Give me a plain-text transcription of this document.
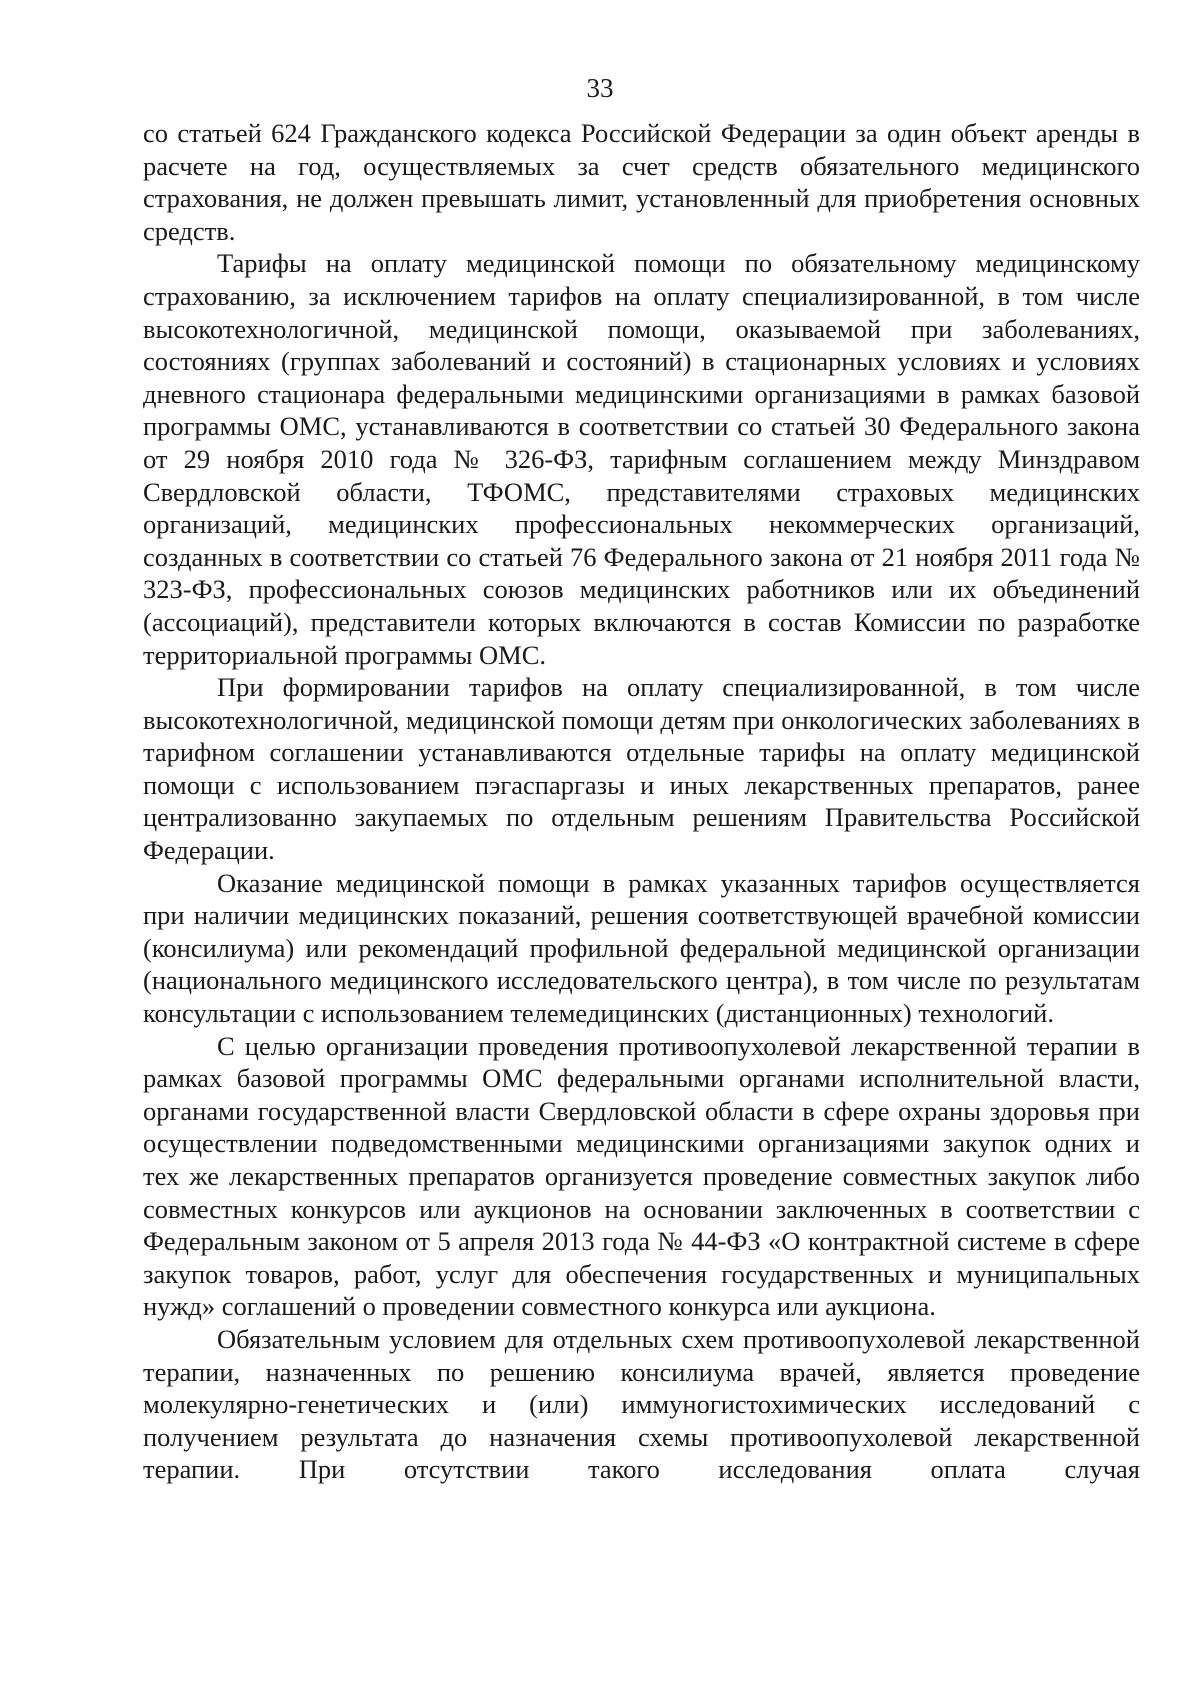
33

со статьей 624 Гражданского кодекса Российской Федерации за один объект аренды в расчете на год, осуществляемых за счет средств обязательного медицинского страхования, не должен превышать лимит, установленный для приобретения основных средств.

Тарифы на оплату медицинской помощи по обязательному медицинскому страхованию, за исключением тарифов на оплату специализированной, в том числе высокотехнологичной, медицинской помощи, оказываемой при заболеваниях, состояниях (группах заболеваний и состояний) в стационарных условиях и условиях дневного стационара федеральными медицинскими организациями в рамках базовой программы ОМС, устанавливаются в соответствии со статьей 30 Федерального закона от 29 ноября 2010 года № 326-ФЗ, тарифным соглашением между Минздравом Свердловской области, ТФОМС, представителями страховых медицинских организаций, медицинских профессиональных некоммерческих организаций, созданных в соответствии со статьей 76 Федерального закона от 21 ноября 2011 года № 323-ФЗ, профессиональных союзов медицинских работников или их объединений (ассоциаций), представители которых включаются в состав Комиссии по разработке территориальной программы ОМС.

При формировании тарифов на оплату специализированной, в том числе высокотехнологичной, медицинской помощи детям при онкологических заболеваниях в тарифном соглашении устанавливаются отдельные тарифы на оплату медицинской помощи с использованием пэгаспаргазы и иных лекарственных препаратов, ранее централизованно закупаемых по отдельным решениям Правительства Российской Федерации.

Оказание медицинской помощи в рамках указанных тарифов осуществляется при наличии медицинских показаний, решения соответствующей врачебной комиссии (консилиума) или рекомендаций профильной федеральной медицинской организации (национального медицинского исследовательского центра), в том числе по результатам консультации с использованием телемедицинских (дистанционных) технологий.

С целью организации проведения противоопухолевой лекарственной терапии в рамках базовой программы ОМС федеральными органами исполнительной власти, органами государственной власти Свердловской области в сфере охраны здоровья при осуществлении подведомственными медицинскими организациями закупок одних и тех же лекарственных препаратов организуется проведение совместных закупок либо совместных конкурсов или аукционов на основании заключенных в соответствии с Федеральным законом от 5 апреля 2013 года № 44-ФЗ «О контрактной системе в сфере закупок товаров, работ, услуг для обеспечения государственных и муниципальных нужд» соглашений о проведении совместного конкурса или аукциона.

Обязательным условием для отдельных схем противоопухолевой лекарственной терапии, назначенных по решению консилиума врачей, является проведение молекулярно-генетических и (или) иммуногистохимических исследований с получением результата до назначения схемы противоопухолевой лекарственной терапии. При отсутствии такого исследования оплата случая
